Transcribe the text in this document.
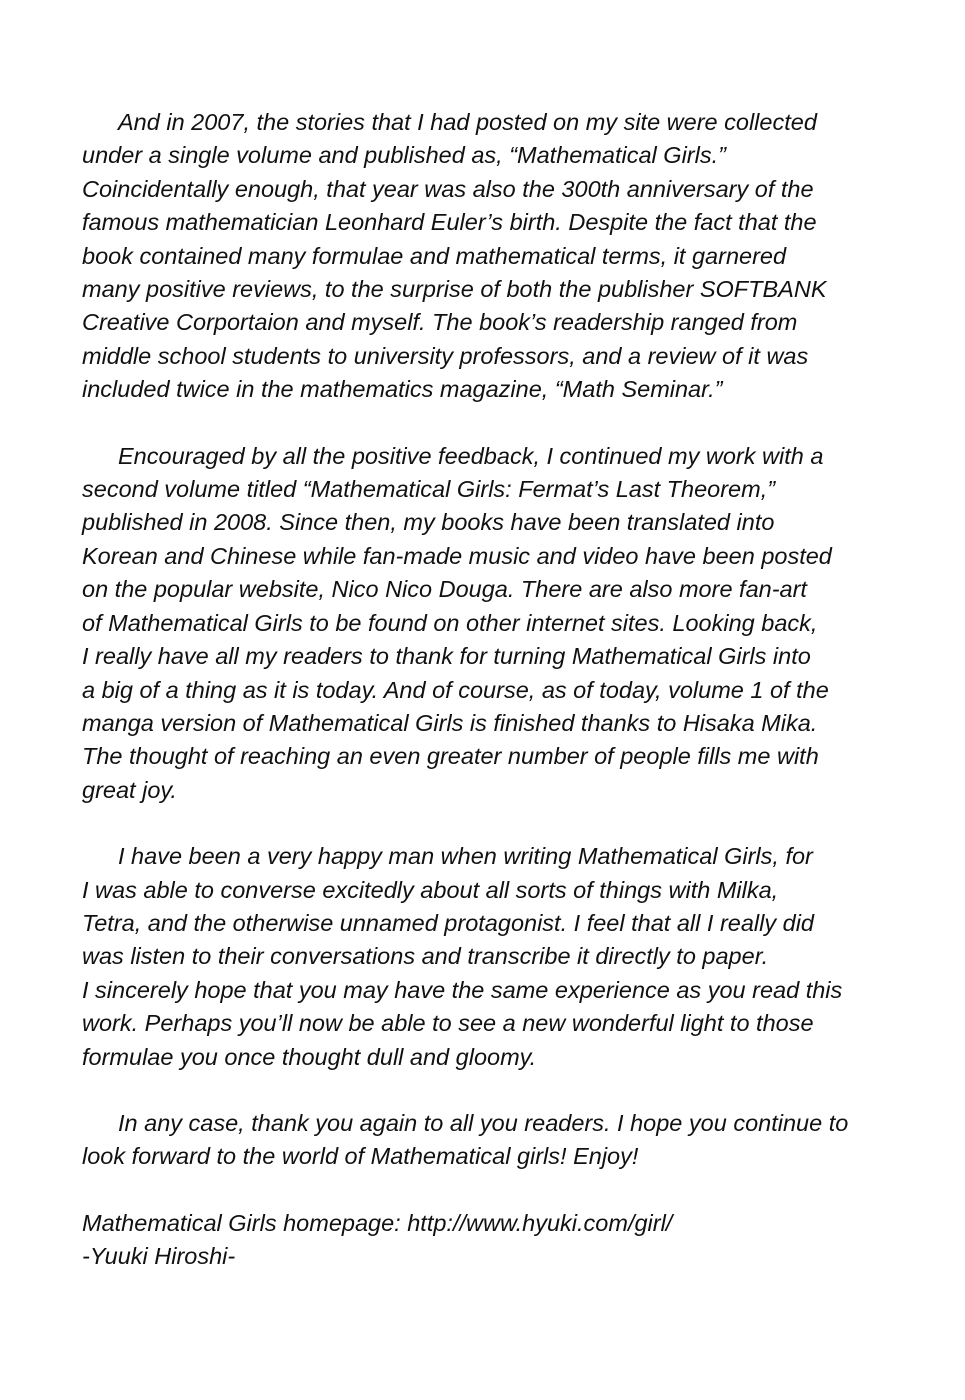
And in 2007, the stories that I had posted on my site were collected
under a single volume and published as, “Mathematical Girls.”
Coincidentally enough, that year was also the 300th anniversary of the
famous mathematician Leonhard Euler’s birth. Despite the fact that the
book contained many formulae and mathematical terms, it garnered
many positive reviews, to the surprise of both the publisher SOFTBANK
Creative Corportaion and myself. The book’s readership ranged from
middle school students to university professors, and a review of it was
included twice in the mathematics magazine, “Math Seminar.”
Encouraged by all the positive feedback, I continued my work with a
second volume titled “Mathematical Girls: Fermat’s Last Theorem,”
published in 2008. Since then, my books have been translated into
Korean and Chinese while fan-made music and video have been posted
on the popular website, Nico Nico Douga. There are also more fan-art
of Mathematical Girls to be found on other internet sites. Looking back,
I really have all my readers to thank for turning Mathematical Girls into
a big of a thing as it is today. And of course, as of today, volume 1 of the
manga version of Mathematical Girls is finished thanks to Hisaka Mika.
The thought of reaching an even greater number of people fills me with
great joy.
I have been a very happy man when writing Mathematical Girls, for
I was able to converse excitedly about all sorts of things with Milka,
Tetra, and the otherwise unnamed protagonist. I feel that all I really did
was listen to their conversations and transcribe it directly to paper.
I sincerely hope that you may have the same experience as you read this
work. Perhaps you’ll now be able to see a new wonderful light to those
formulae you once thought dull and gloomy.
In any case, thank you again to all you readers. I hope you continue to
look forward to the world of Mathematical girls! Enjoy!
Mathematical Girls homepage: http://www.hyuki.com/girl/
-Yuuki Hiroshi-
